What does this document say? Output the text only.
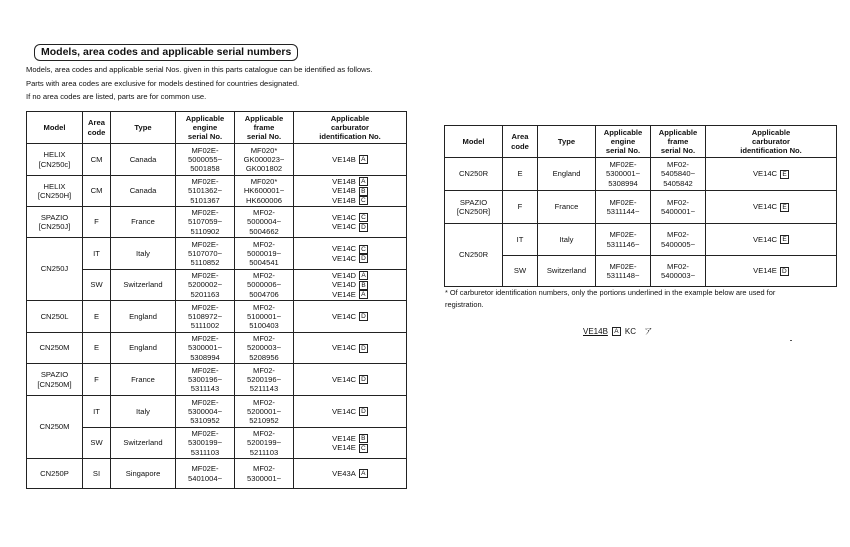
Models, area codes and applicable serial numbers
Models, area codes and applicable serial Nos. given in this parts catalogue can be identified as follows.
Parts with area codes are exclusive for models destined for countries designated.
If no area codes are listed, parts are for common use.
Model	Area
code	Type	Applicable
engine
serial No.	Applicable
frame
serial No.	Applicable
carburator
identification No.

HELIX
[CN250c]	CM	Canada	MF02E-
5000055~
5001858	MF020*
GK000023~
GK001802	VE14B A

HELIX
[CN250H]	CM	Canada	MF02E-
5101362~
5101367	MF020*
HK600001~
HK600006	VE14B A
VE14B B
VE14B C

SPAZIO
[CN250J]	F	France	MF02E-
5107059~
5110902	MF02-
5000004~
5004662	VE14C C
VE14C D

CN250J	IT	Italy	MF02E-
5107070~
5110852	MF02-
5000019~
5004541	VE14C C
VE14C D

	SW	Switzerland	MF02E-
5200002~
5201163	MF02-
5000006~
5004706	VE14D A
VE14D B
VE14E A

CN250L	E	England	MF02E-
5108972~
5111002	MF02-
5100001~
5100403	VE14C D

CN250M	E	England	MF02E-
5300001~
5308994	MF02-
5200003~
5208956	VE14C D

SPAZIO
[CN250M]	F	France	MF02E-
5300196~
5311143	MF02-
5200196~
5211143	VE14C D

CN250M	IT	Italy	MF02E-
5300004~
5310952	MF02-
5200001~
5210952	VE14C D

	SW	Switzerland	MF02E-
5300199~
5311103	MF02-
5200199~
5211103	VE14E B
VE14E C

CN250P	SI	Singapore	MF02E-
5401004~	MF02-
5300001~	VE43A A
Model	Area
code	Type	Applicable
engine
serial No.	Applicable
frame
serial No.	Applicable
carburator
identification No.

CN250R	E	England	MF02E-
5300001~
5308994	MF02-
5405840~
5405842	VE14C E

SPAZIO
[CN250R]	F	France	MF02E-
5311144~	MF02-
5400001~	VE14C E

CN250R	IT	Italy	MF02E-
5311146~	MF02-
5400005~	VE14C E

	SW	Switzerland	MF02E-
5311148~	MF02-
5400003~	VE14E D
* Of carburetor identification numbers, only the portions underlined in the example below are used for
registration.
VE14B A KC ア
